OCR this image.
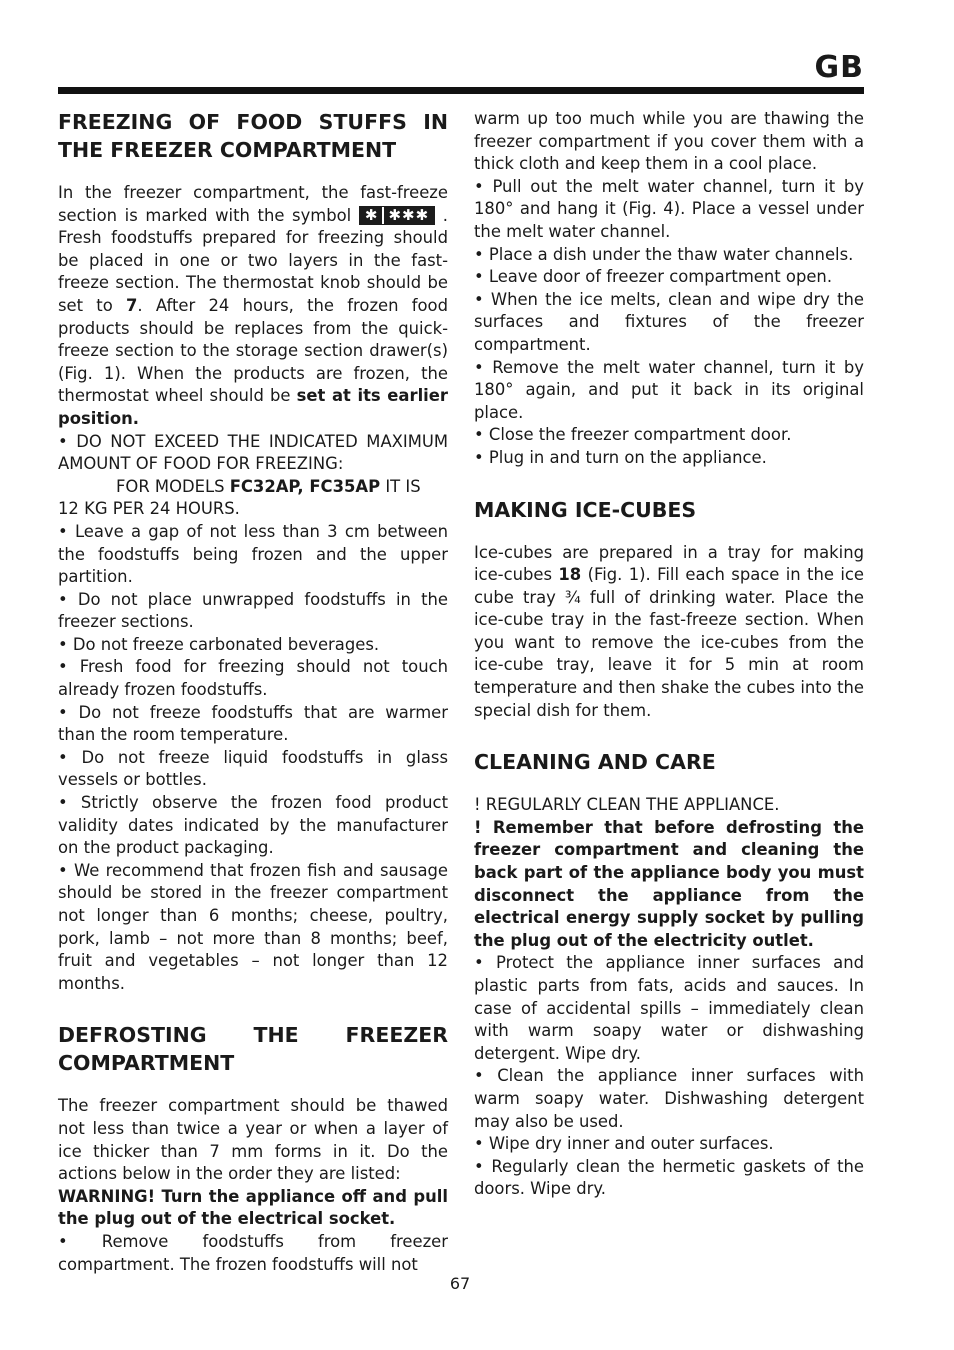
GB
FREEZING OF FOOD STUFFS IN THE FREEZER COMPARTMENT

In the freezer compartment, the fast-freeze section is marked with the symbol ✱ ✱✱✱ . Fresh foodstuffs prepared for freezing should be placed in one or two layers in the fast-freeze section. The thermostat knob should be set to 7. After 24 hours, the frozen food products should be replaces from the quick-freeze section to the storage section drawer(s) (Fig. 1). When the products are frozen, the thermostat wheel should be set at its earlier position.

• DO NOT EXCEED THE INDICATED MAXIMUM AMOUNT OF FOOD FOR FREEZING:

FOR MODELS FC32AP, FC35AP IT IS

12 KG PER 24 HOURS.

• Leave a gap of not less than 3 cm between the foodstuffs being frozen and the upper partition.

• Do not place unwrapped foodstuffs in the freezer sections.

• Do not freeze carbonated beverages.

• Fresh food for freezing should not touch already frozen foodstuffs.

• Do not freeze foodstuffs that are warmer than the room temperature.

• Do not freeze liquid foodstuffs in glass vessels or bottles.

• Strictly observe the frozen food product validity dates indicated by the manufacturer on the product packaging.

• We recommend that frozen fish and sausage should be stored in the freezer compartment not longer than 6 months; cheese, poultry, pork, lamb – not more than 8 months; beef, fruit and vegetables – not longer than 12 months.

DEFROSTING THE FREEZER COMPARTMENT

The freezer compartment should be thawed not less than twice a year or when a layer of ice thicker than 7 mm forms in it. Do the actions below in the order they are listed:

WARNING! Turn the appliance off and pull the plug out of the electrical socket.

• Remove foodstuffs from freezer compartment. The frozen foodstuffs will not

warm up too much while you are thawing the freezer compartment if you cover them with a thick cloth and keep them in a cool place.

• Pull out the melt water channel, turn it by 180° and hang it (Fig. 4). Place a vessel under the melt water channel.

• Place a dish under the thaw water channels.

• Leave door of freezer compartment open.

• When the ice melts, clean and wipe dry the surfaces and fixtures of the freezer compartment.

• Remove the melt water channel, turn it by 180° again, and put it back in its original place.

• Close the freezer compartment door.

• Plug in and turn on the appliance.

MAKING ICE-CUBES

Ice-cubes are prepared in a tray for making ice-cubes 18 (Fig. 1). Fill each space in the ice cube tray ¾ full of drinking water. Place the ice-cube tray in the fast-freeze section. When you want to remove the ice-cubes from the ice-cube tray, leave it for 5 min at room temperature and then shake the cubes into the special dish for them.

CLEANING AND CARE

! REGULARLY CLEAN THE APPLIANCE.

! Remember that before defrosting the freezer compartment and cleaning the back part of the appliance body you must disconnect the appliance from the electrical energy supply socket by pulling the plug out of the electricity outlet.

• Protect the appliance inner surfaces and plastic parts from fats, acids and sauces. In case of accidental spills – immediately clean with warm soapy water or dishwashing detergent. Wipe dry.

• Clean the appliance inner surfaces with warm soapy water. Dishwashing detergent may also be used.

• Wipe dry inner and outer surfaces.

• Regularly clean the hermetic gaskets of the doors. Wipe dry.

67
